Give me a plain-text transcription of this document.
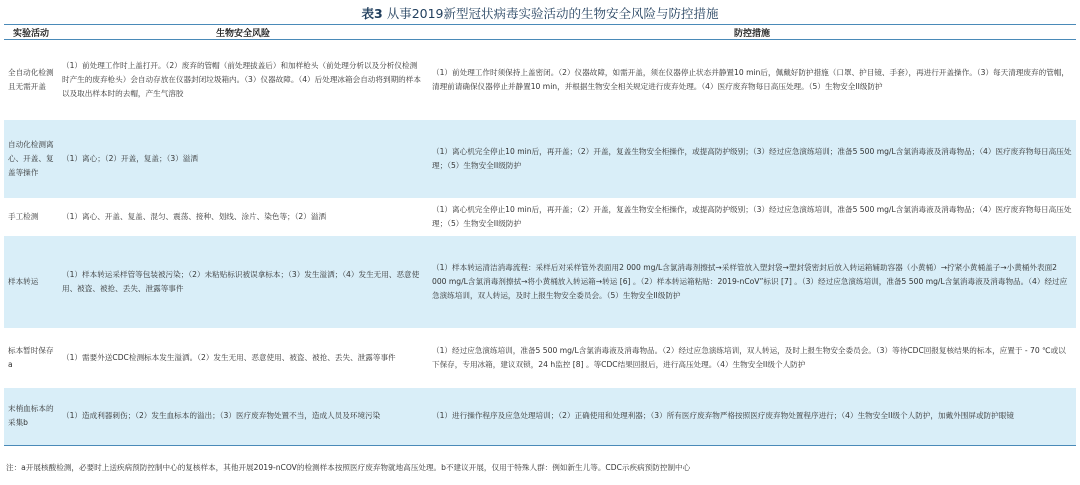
表3 从事2019新型冠状病毒实验活动的生物安全风险与防控措施
实验活动	生物安全风险	防控措施
全自动化检测且无需开盖	（1）前处理工作时上盖打开。（2）废弃的管帽（前处理拔盖后）和加样枪头（前处理分析以及分析仪检测时产生的废弃枪头）会自动存放在仪器封闭垃圾箱内。（3）仪器故障。（4）后处理冰箱会自动将到期的样本以及取出样本时的去帽，产生气溶胶	（1）前处理工作时须保持上盖密闭。（2）仪器故障，如需开盖，须在仪器停止状态并静置10 min后，佩戴好防护措施（口罩、护目镜、手套），再进行开盖操作。（3）每天清理废弃的管帽，清理前请确保仪器停止并静置10 min，并根据生物安全相关规定进行废弃处理。（4）医疗废弃物每日高压处理。（5）生物安全II级防护
自动化检测离心、开盖、复盖等操作	（1）离心；（2）开盖，复盖；（3）溢洒	（1）离心机完全停止10 min后，再开盖；（2）开盖，复盖生物安全柜操作，或提高防护级别；（3）经过应急演练培训；准备5 500 mg/L含氯消毒液及消毒物品；（4）医疗废弃物每日高压处理；（5）生物安全II级防护
手工检测	（1）离心、开盖、复盖、混匀、震荡、接种、划线、涂片、染色等；（2）溢洒	（1）离心机完全停止10 min后，再开盖；（2）开盖，复盖生物安全柜操作，或提高防护级别；（3）经过应急演练培训，准备5 500 mg/L含氯消毒液及消毒物品；（4）医疗废弃物每日高压处理；（5）生物安全II级防护
样本转运	（1）样本转运采样管等包装被污染；（2）未粘贴标识被误拿标本；（3）发生溢洒；（4）发生无用、恶意使用、被盗、被抢、丢失、泄露等事件	（1）样本转运清洁消毒流程：采样后对采样管外表面用2 000 mg/L含氯消毒剂擦拭→采样管放入塑封袋→塑封袋密封后放入转运箱辅助容器（小黄桶）→拧紧小黄桶盖子→小黄桶外表面2 000 mg/L含氯消毒剂擦拭→将小黄桶放入转运箱→转运 [6] 。（2）样本转运箱粘贴：2019-nCoV”标识 [7] 。（3）经过应急演练培训，准备5 500 mg/L含氯消毒液及消毒物品。（4）经过应急演练培训，双人转运，及时上报生物安全委员会。（5）生物安全II级防护
标本暂时保存a	（1）需要外送CDC检测标本发生溢洒。（2）发生无用、恶意使用、被盗、被抢、丢失、泄露等事件	（1）经过应急演练培训，准备5 500 mg/L含氯消毒液及消毒物品。（2）经过应急演练培训，双人转运，及时上报生物安全委员会。（3）等待CDC回报复核结果的标本，应置于 - 70 ℃或以下保存，专用冰箱，建议双锁，24 h监控 [8] 。等CDC结果回报后，进行高压处理。（4）生物安全II级个人防护
末梢血标本的采集b	（1）造成利器刺伤；（2）发生血标本的溢出；（3）医疗废弃物处置不当，造成人员及环境污染	（1）进行操作程序及应急处理培训；（2）正确使用和处理利器；（3）所有医疗废弃物严格按照医疗废弃物处置程序进行；（4）生物安全II级个人防护，加戴外围屏或防护眼镜
注：a开展核酸检测，必要时上送疾病预防控制中心的复核样本，其他开展2019-nCOV的检测样本按照医疗废弃物就地高压处理。b不建议开展，仅用于特殊人群：例如新生儿等。CDC示疾病预防控制中心
